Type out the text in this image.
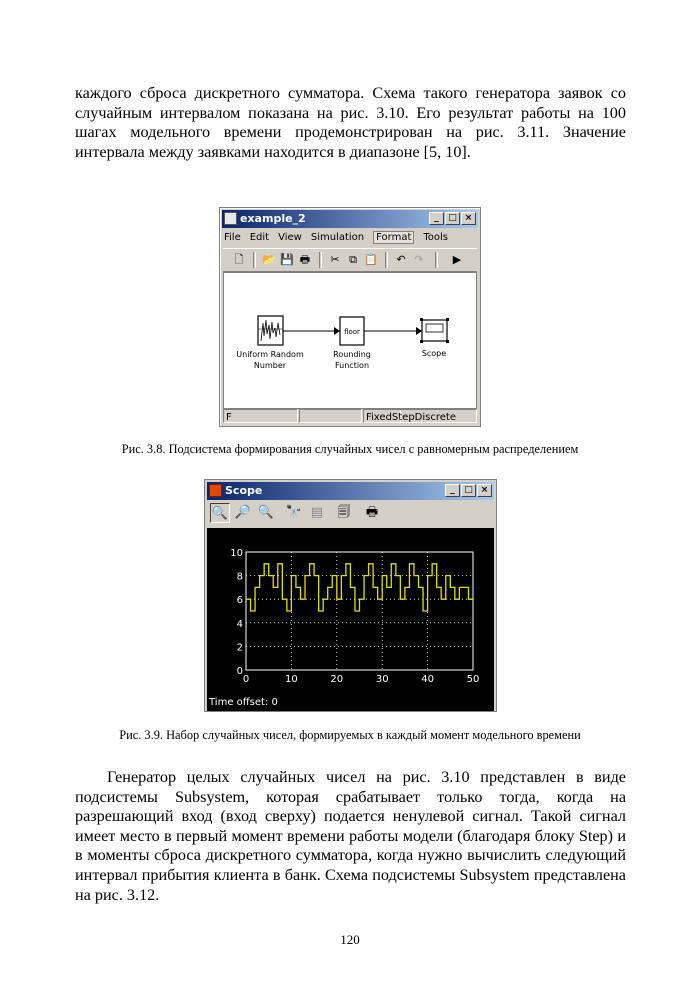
каждого сброса дискретного сумматора. Схема такого генератора заявок со случайным интервалом показана на рис. 3.10. Его результат работы на 100 шагах модельного времени продемонстрирован на рис. 3.11. Значение интервала между заявками находится в диапазоне [5, 10].

example_2	_	□ ×
File Edit View Simulation Format Tools
🗋	📂 💾 🖶	✂ ⧉ 📋	↶ ↷	▶
Uniform Random
Number
floor
Rounding
Function
Scope
F	FixedStepDiscrete

Рис. 3.8. Подсистема формирования случайных чисел с равномерным распределением

Scope	_	□ ×
🔍 🔎 🔍 🔭 ▤ 🗐 🖶
0	10	20	30	40	50
0
2
4
6
8
10
Time offset: 0

Рис. 3.9. Набор случайных чисел, формируемых в каждый момент модельного времени

Генератор целых случайных чисел на рис. 3.10 представлен в виде подсистемы Subsystem, которая срабатывает только тогда, когда на разрешающий вход (вход сверху) подается ненулевой сигнал. Такой сигнал имеет место в первый момент времени работы модели (благодаря блоку Step) и в моменты сброса дискретного сумматора, когда нужно вычислить следующий интервал прибытия клиента в банк. Схема подсистемы Subsystem представлена на рис. 3.12.

120
